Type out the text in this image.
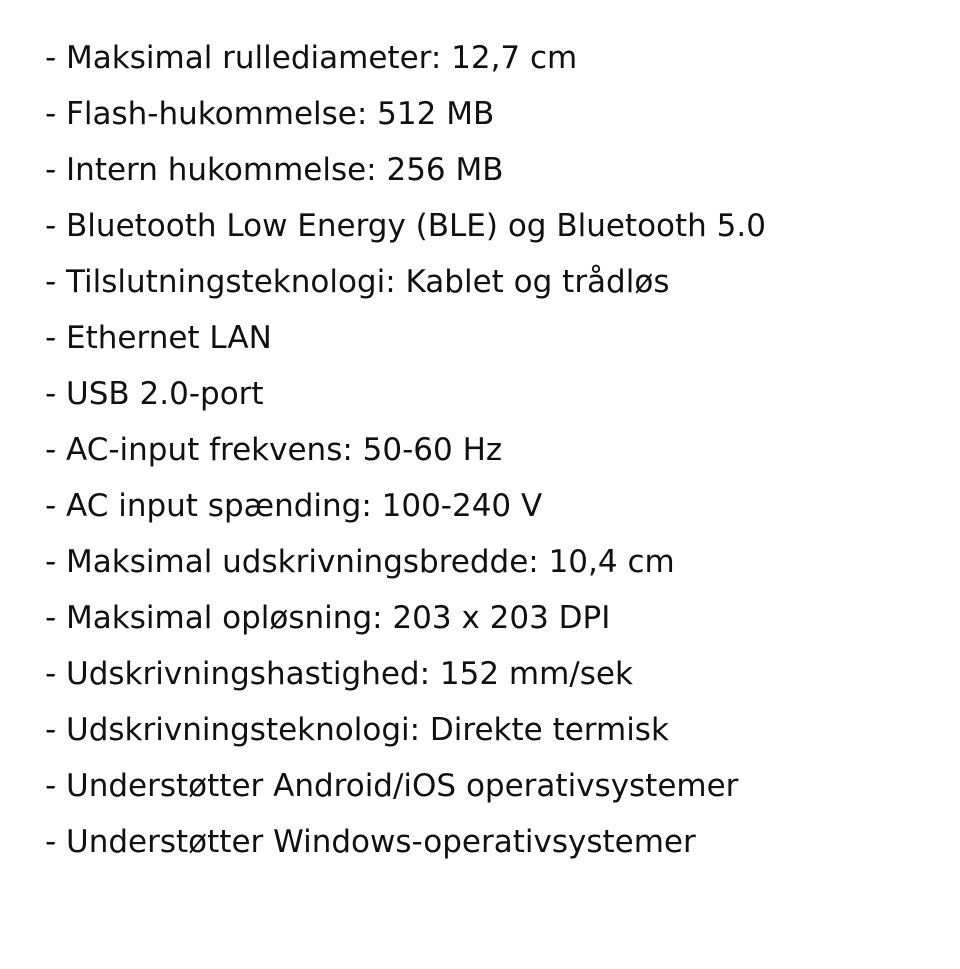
- Maksimal rullediameter: 12,7 cm
- Flash-hukommelse: 512 MB
- Intern hukommelse: 256 MB
- Bluetooth Low Energy (BLE) og Bluetooth 5.0
- Tilslutningsteknologi: Kablet og trådløs
- Ethernet LAN
- USB 2.0-port
- AC-input frekvens: 50-60 Hz
- AC input spænding: 100-240 V
- Maksimal udskrivningsbredde: 10,4 cm
- Maksimal opløsning: 203 x 203 DPI
- Udskrivningshastighed: 152 mm/sek
- Udskrivningsteknologi: Direkte termisk
- Understøtter Android/iOS operativsystemer
- Understøtter Windows-operativsystemer
